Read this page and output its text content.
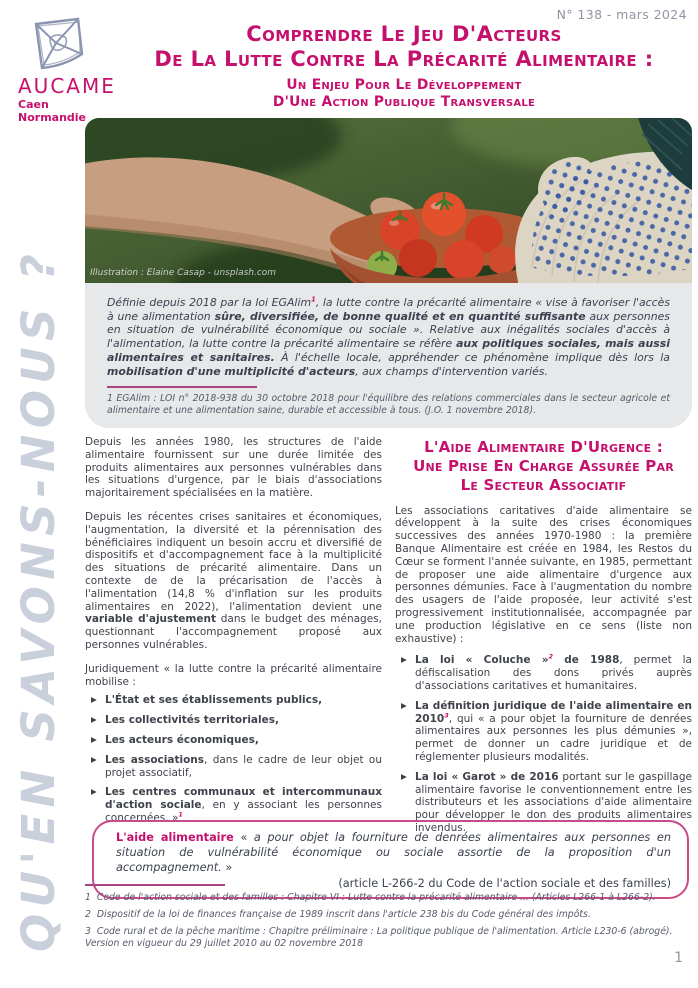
N° 138 - mars 2024
AUCAME
Caen Normandie
Comprendre Le Jeu D'Acteurs
De La Lutte Contre La Précarité Alimentaire :
Un Enjeu Pour Le Développement
D'Une Action Publique Transversale
QU'EN SAVONS-NOUS ?	Illustration : Elaine Casap - unsplash.com
Définie depuis 2018 par la loi EGAlim$^1$, la lutte contre la précarité alimentaire « vise à favoriser l'accès à une alimentation sûre, diversifiée, de bonne qualité et en quantité suffisante aux personnes en situation de vulnérabilité économique ou sociale ». Relative aux inégalités sociales d'accès à l'alimentation, la lutte contre la précarité alimentaire se réfère aux politiques sociales, mais aussi alimentaires et sanitaires. À l'échelle locale, appréhender ce phénomène implique dès lors la mobilisation d'une multiplicité d'acteurs, aux champs d'intervention variés.
1 EGAlim : LOI n° 2018-938 du 30 octobre 2018 pour l'équilibre des relations commerciales dans le secteur agricole et alimentaire et une alimentation saine, durable et accessible à tous. (J.O. 1 novembre 2018).
Depuis les années 1980, les structures de l'aide alimentaire fournissent sur une durée limitée des produits alimentaires aux personnes vulnérables dans les situations d'urgence, par le biais d'associations majoritairement spécialisées en la matière.
Depuis les récentes crises sanitaires et économiques, l'augmentation, la diversité et la pérennisation des bénéficiaires indiquent un besoin accru et diversifié de dispositifs et d'accompagnement face à la multiplicité des situations de précarité alimentaire. Dans un contexte de de la précarisation de l'accès à l'alimentation (14,8 % d'inflation sur les produits alimentaires en 2022), l'alimentation devient une variable d'ajustement dans le budget des ménages, questionnant l'accompagnement proposé aux personnes vulnérables.
Juridiquement « la lutte contre la précarité alimentaire mobilise :
▶ L'État et ses établissements publics,
▶ Les collectivités territoriales,
▶ Les acteurs économiques,
▶ Les associations, dans le cadre de leur objet ou projet associatif,
▶ Les centres communaux et intercommunaux d'action sociale, en y associant les personnes concernées. »$^1$
L'Aide Alimentaire D'Urgence :
Une Prise En Charge Assurée Par
Le Secteur Associatif
Les associations caritatives d'aide alimentaire se développent à la suite des crises économiques successives des années 1970-1980 : la première Banque Alimentaire est créée en 1984, les Restos du Cœur se forment l'année suivante, en 1985, permettant de proposer une aide alimentaire d'urgence aux personnes démunies. Face à l'augmentation du nombre des usagers de l'aide proposée, leur activité s'est progressivement institutionnalisée, accompagnée par une production législative en ce sens (liste non exhaustive) :
▶ La loi « Coluche »$^2$ de 1988, permet la défiscalisation des dons privés auprès d'associations caritatives et humanitaires.
▶ La définition juridique de l'aide alimentaire en 2010$^3$, qui « a pour objet la fourniture de denrées alimentaires aux personnes les plus démunies », permet de donner un cadre juridique et de réglementer plusieurs modalités.
▶ La loi « Garot » de 2016 portant sur le gaspillage alimentaire favorise le conventionnement entre les distributeurs et les associations d'aide alimentaire pour développer le don des produits alimentaires invendus.
L'aide alimentaire « a pour objet la fourniture de denrées alimentaires aux personnes en situation de vulnérabilité économique ou sociale assortie de la proposition d'un accompagnement. »
(article L-266-2 du Code de l'action sociale et des familles)
1  Code de l'action sociale et des familles : Chapitre VI : Lutte contre la précarité alimentaire ... (Articles L266-1 à L266-2).
2  Dispositif de la loi de finances française de 1989 inscrit dans l'article 238 bis du Code général des impôts.
3  Code rural et de la pêche maritime : Chapitre préliminaire : La politique publique de l'alimentation. Article L230-6 (abrogé). Version en vigueur du 29 juillet 2010 au 02 novembre 2018
1
